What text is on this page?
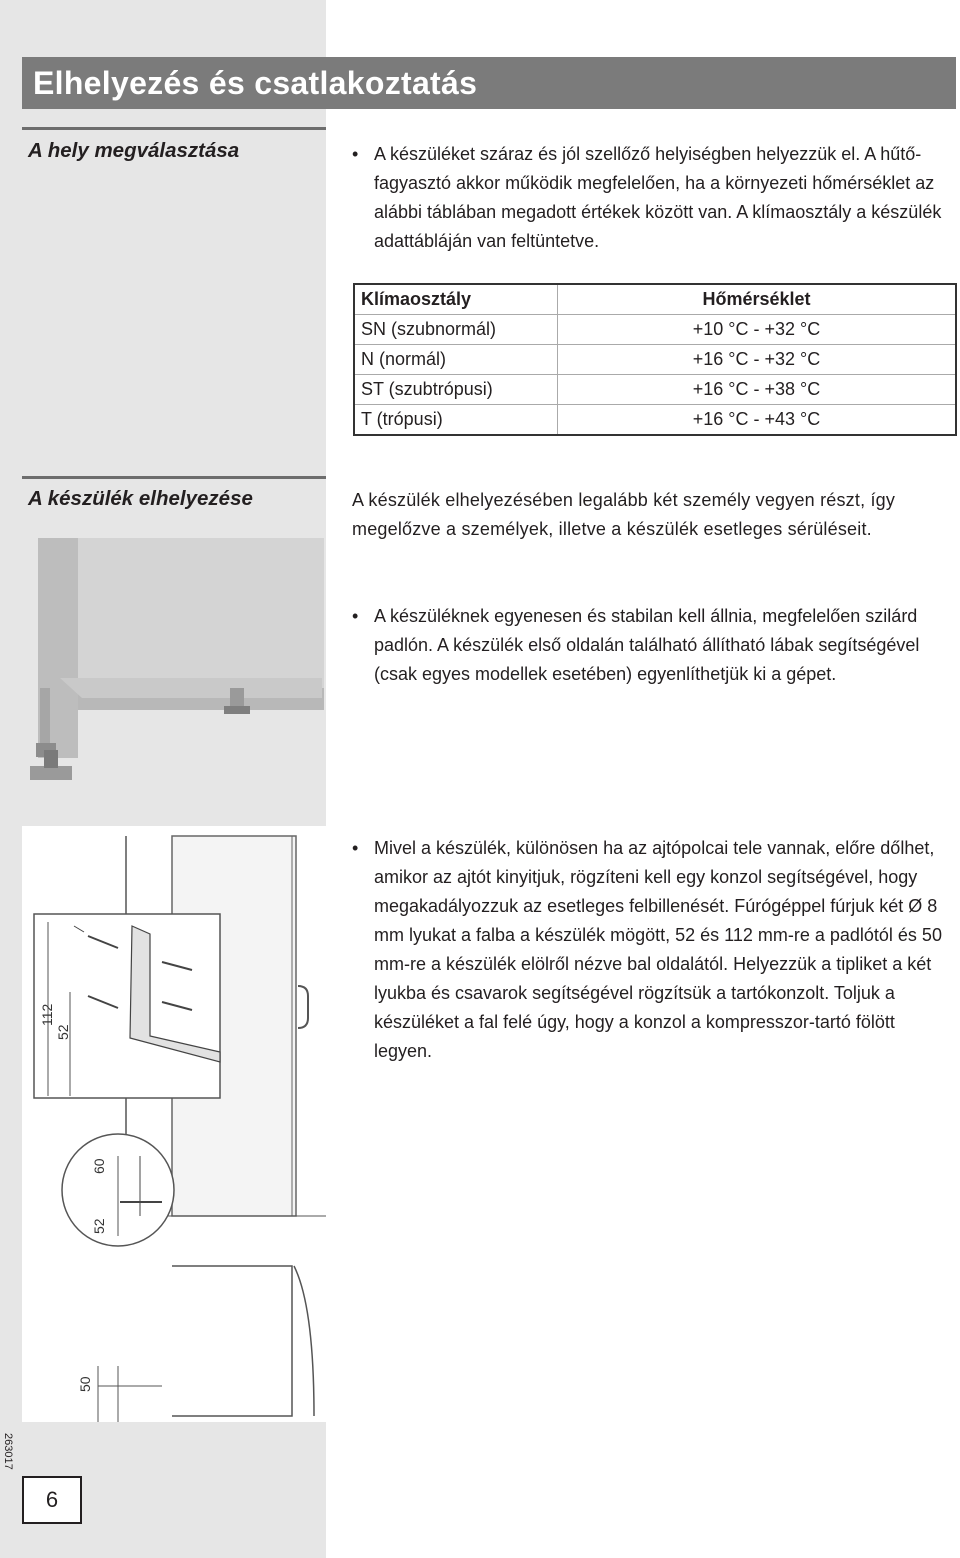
Elhelyezés és csatlakoztatás
A hely megválasztása	• A készüléket száraz és jól szellőző helyiségben helyezzük el. A hűtő-fagyasztó akkor működik megfelelően, ha a környezeti hőmérséklet az alábbi táblában megadott értékek között van. A klímaosztály a készülék adattábláján van feltüntetve.
Klímaosztály	Hőmérséklet
SN (szubnormál)	+10 °C - +32 °C
N (normál)	+16 °C - +32 °C
ST (szubtrópusi)	+16 °C - +38 °C
T (trópusi)	+16 °C - +43 °C
A készülék elhelyezése	A készülék elhelyezésében legalább két személy vegyen részt, így megelőzve a személyek, illetve a készülék esetleges sérüléseit.

• A készüléknek egyenesen és stabilan kell állnia, megfelelően szilárd padlón. A készülék első oldalán található állítható lábak segítségével (csak egyes modellek esetében) egyenlíthetjük ki a gépet.
• Mivel a készülék, különösen ha az ajtópolcai tele vannak, előre dőlhet, amikor az ajtót kinyitjuk, rögzíteni kell egy konzol segítségével, hogy megakadályozzuk az esetleges felbillenését. Fúrógéppel fúrjuk két Ø 8 mm lyukat a falba a készülék mögött, 52 és 112 mm-re a padlótól és 50 mm-re a készülék elölről nézve bal oldalától. Helyezzük a tipliket a két lyukba és csavarok segítségével rögzítsük a tartókonzolt. Toljuk a készüléket a fal felé úgy, hogy a konzol a kompresszor-tartó fölött legyen.
112
52
60
52
50
263017
6
